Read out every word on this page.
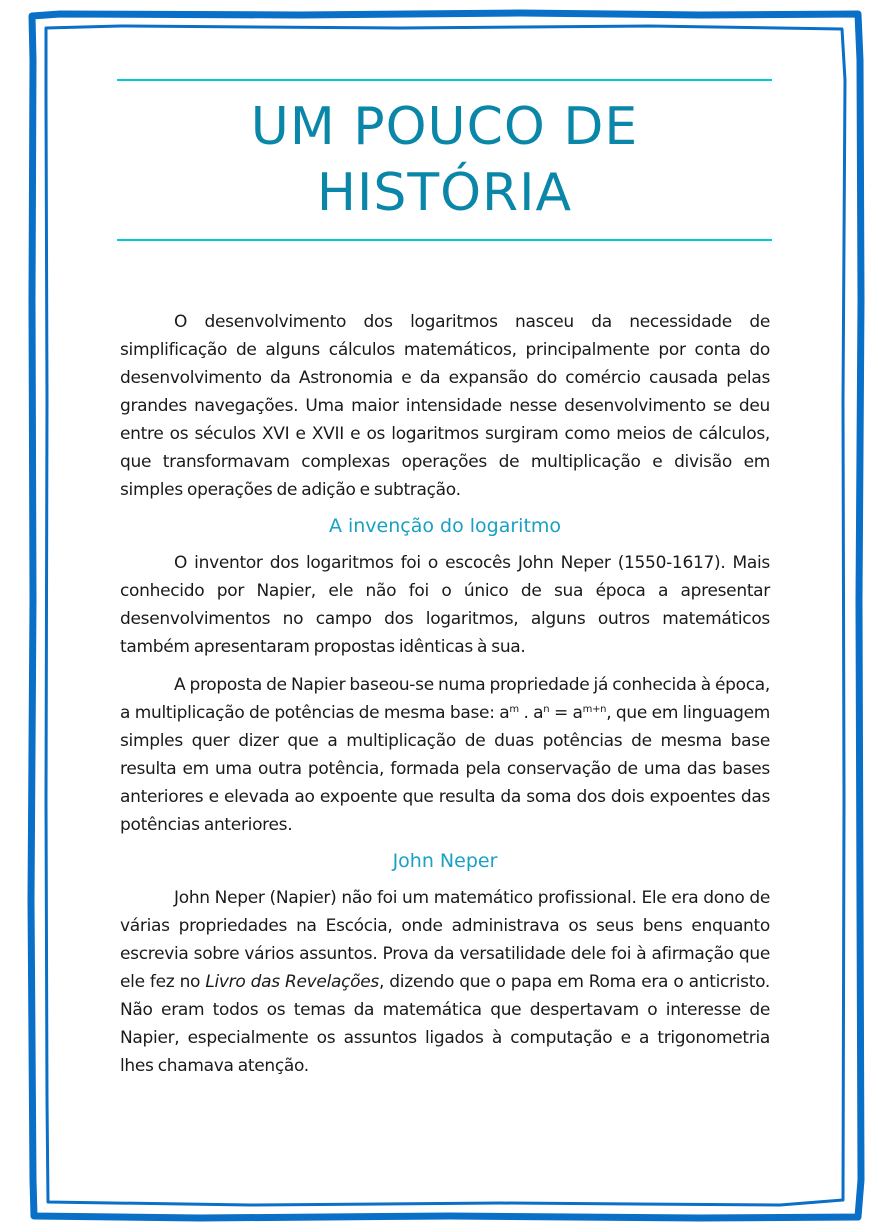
UM POUCO DE HISTÓRIA

O desenvolvimento dos logaritmos nasceu da necessidade de simplificação de alguns cálculos matemáticos, principalmente por conta do desenvolvimento da Astronomia e da expansão do comércio causada pelas grandes navegações. Uma maior intensidade nesse desenvolvimento se deu entre os séculos XVI e XVII e os logaritmos surgiram como meios de cálculos, que transformavam complexas operações de multiplicação e divisão em simples operações de adição e subtração.

A invenção do logaritmo

O inventor dos logaritmos foi o escocês John Neper (1550-1617). Mais conhecido por Napier, ele não foi o único de sua época a apresentar desenvolvimentos no campo dos logaritmos, alguns outros matemáticos também apresentaram propostas idênticas à sua.

A proposta de Napier baseou-se numa propriedade já conhecida à época, a multiplicação de potências de mesma base: $a^m$ . $a^n = a^{m+n}$, que em linguagem simples quer dizer que a multiplicação de duas potências de mesma base resulta em uma outra potência, formada pela conservação de uma das bases anteriores e elevada ao expoente que resulta da soma dos dois expoentes das potências anteriores.

John Neper

John Neper (Napier) não foi um matemático profissional. Ele era dono de várias propriedades na Escócia, onde administrava os seus bens enquanto escrevia sobre vários assuntos. Prova da versatilidade dele foi à afirmação que ele fez no Livro das Revelações, dizendo que o papa em Roma era o anticristo. Não eram todos os temas da matemática que despertavam o interesse de Napier, especialmente os assuntos ligados à computação e a trigonometria lhes chamava atenção.
